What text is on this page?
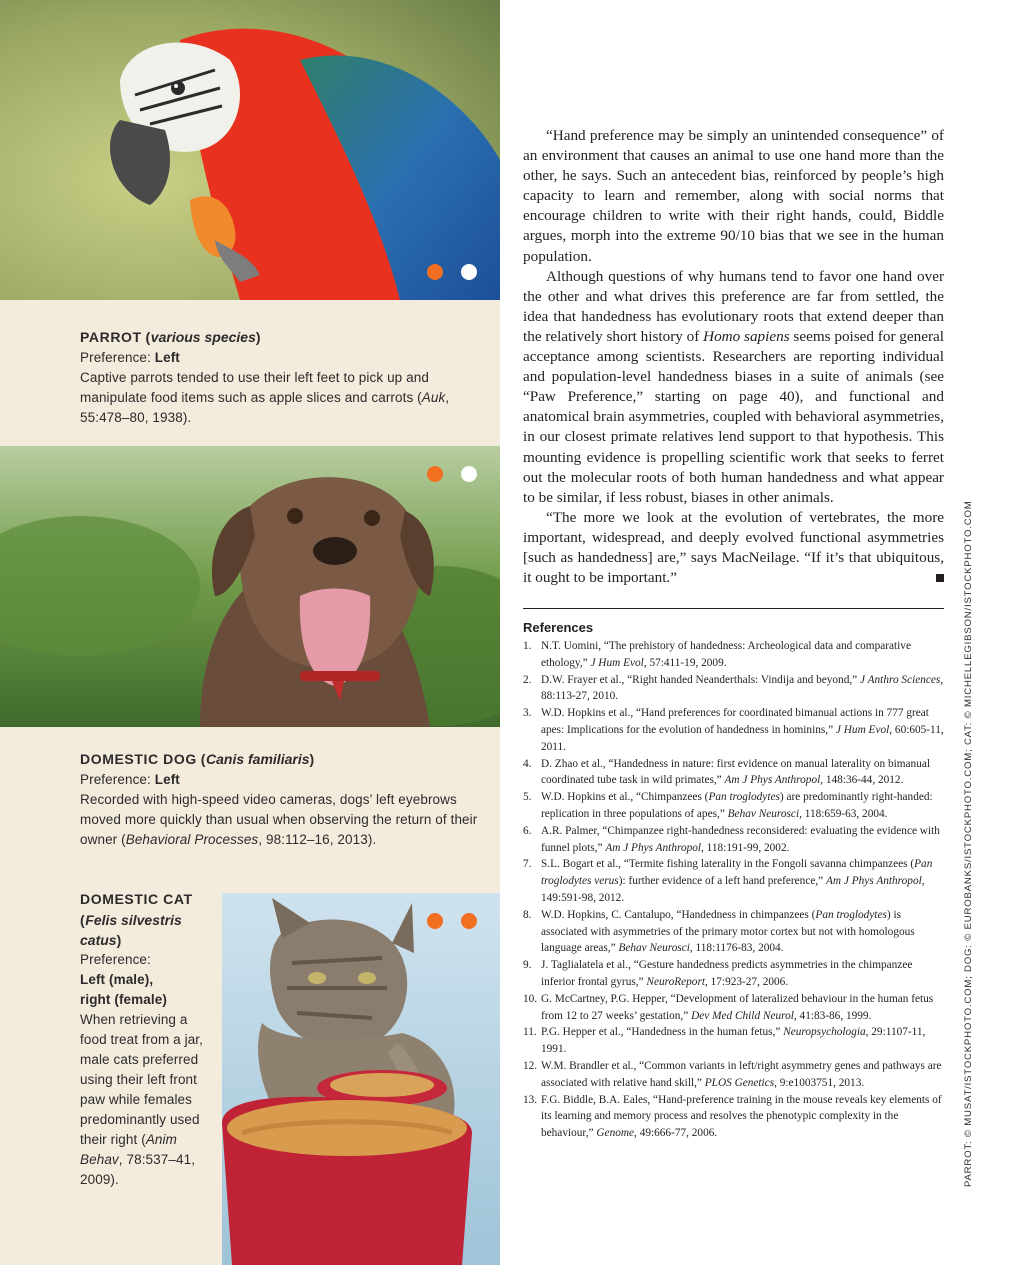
PARROT (various species)
Preference: Left
Captive parrots tended to use their left feet to pick up and manipulate food items such as apple slices and carrots (Auk, 55:478–80, 1938).
DOMESTIC DOG (Canis familiaris)
Preference: Left
Recorded with high-speed video cameras, dogs’ left eyebrows moved more quickly than usual when observing the return of their owner (Behavioral Processes, 98:112–16, 2013).
DOMESTIC CAT
(Felis silvestris catus)
Preference:
Left (male),
right (female)
When retrieving a food treat from a jar, male cats preferred using their left front paw while females predominantly used their right (Anim Behav, 78:537–41, 2009).

“Hand preference may be simply an unintended consequence” of an environment that causes an animal to use one hand more than the other, he says. Such an antecedent bias, reinforced by people’s high capacity to learn and remember, along with social norms that encourage children to write with their right hands, could, Biddle argues, morph into the extreme 90/10 bias that we see in the human population.

Although questions of why humans tend to favor one hand over the other and what drives this preference are far from settled, the idea that handedness has evolutionary roots that extend deeper than the relatively short history of Homo sapiens seems poised for general acceptance among scientists. Researchers are reporting individual and population-level handedness biases in a suite of animals (see “Paw Preference,” starting on page 40), and functional and anatomical brain asymmetries, coupled with behavioral asymmetries, in our closest primate relatives lend support to that hypothesis. This mounting evidence is propelling scientific work that seeks to ferret out the molecular roots of both human handedness and what appear to be similar, if less robust, biases in other animals.

“The more we look at the evolution of vertebrates, the more important, widespread, and deeply evolved functional asymmetries [such as handedness] are,” says MacNeilage. “If it’s that ubiquitous, it ought to be important.”

References
1. N.T. Uomini, “The prehistory of handedness: Archeological data and comparative ethology,” J Hum Evol, 57:411-19, 2009.
2. D.W. Frayer et al., “Right handed Neanderthals: Vindija and beyond,” J Anthro Sciences, 88:113-27, 2010.
3. W.D. Hopkins et al., “Hand preferences for coordinated bimanual actions in 777 great apes: Implications for the evolution of handedness in hominins,” J Hum Evol, 60:605-11, 2011.
4. D. Zhao et al., “Handedness in nature: first evidence on manual laterality on bimanual coordinated tube task in wild primates,” Am J Phys Anthropol, 148:36-44, 2012.
5. W.D. Hopkins et al., “Chimpanzees (Pan troglodytes) are predominantly right-handed: replication in three populations of apes,” Behav Neurosci, 118:659-63, 2004.
6. A.R. Palmer, “Chimpanzee right-handedness reconsidered: evaluating the evidence with funnel plots,” Am J Phys Anthropol, 118:191-99, 2002.
7. S.L. Bogart et al., “Termite fishing laterality in the Fongoli savanna chimpanzees (Pan troglodytes verus): further evidence of a left hand preference,” Am J Phys Anthropol, 149:591-98, 2012.
8. W.D. Hopkins, C. Cantalupo, “Handedness in chimpanzees (Pan troglodytes) is associated with asymmetries of the primary motor cortex but not with homologous language areas,” Behav Neurosci, 118:1176-83, 2004.
9. J. Taglialatela et al., “Gesture handedness predicts asymmetries in the chimpanzee inferior frontal gyrus,” NeuroReport, 17:923-27, 2006.
10. G. McCartney, P.G. Hepper, “Development of lateralized behaviour in the human fetus from 12 to 27 weeks’ gestation,” Dev Med Child Neurol, 41:83-86, 1999.
11. P.G. Hepper et al., “Handedness in the human fetus,” Neuropsychologia, 29:1107-11, 1991.
12. W.M. Brandler et al., “Common variants in left/right asymmetry genes and pathways are associated with relative hand skill,” PLOS Genetics, 9:e1003751, 2013.
13. F.G. Biddle, B.A. Eales, “Hand-preference training in the mouse reveals key elements of its learning and memory process and resolves the phenotypic complexity in the behaviour,” Genome, 49:666-77, 2006.	PARROT: © MUSAT/ISTOCKPHOTO.COM; DOG: © EUROBANKS/ISTOCKPHOTO.COM; CAT: © MICHELLEGIBSON/ISTOCKPHOTO.COM
